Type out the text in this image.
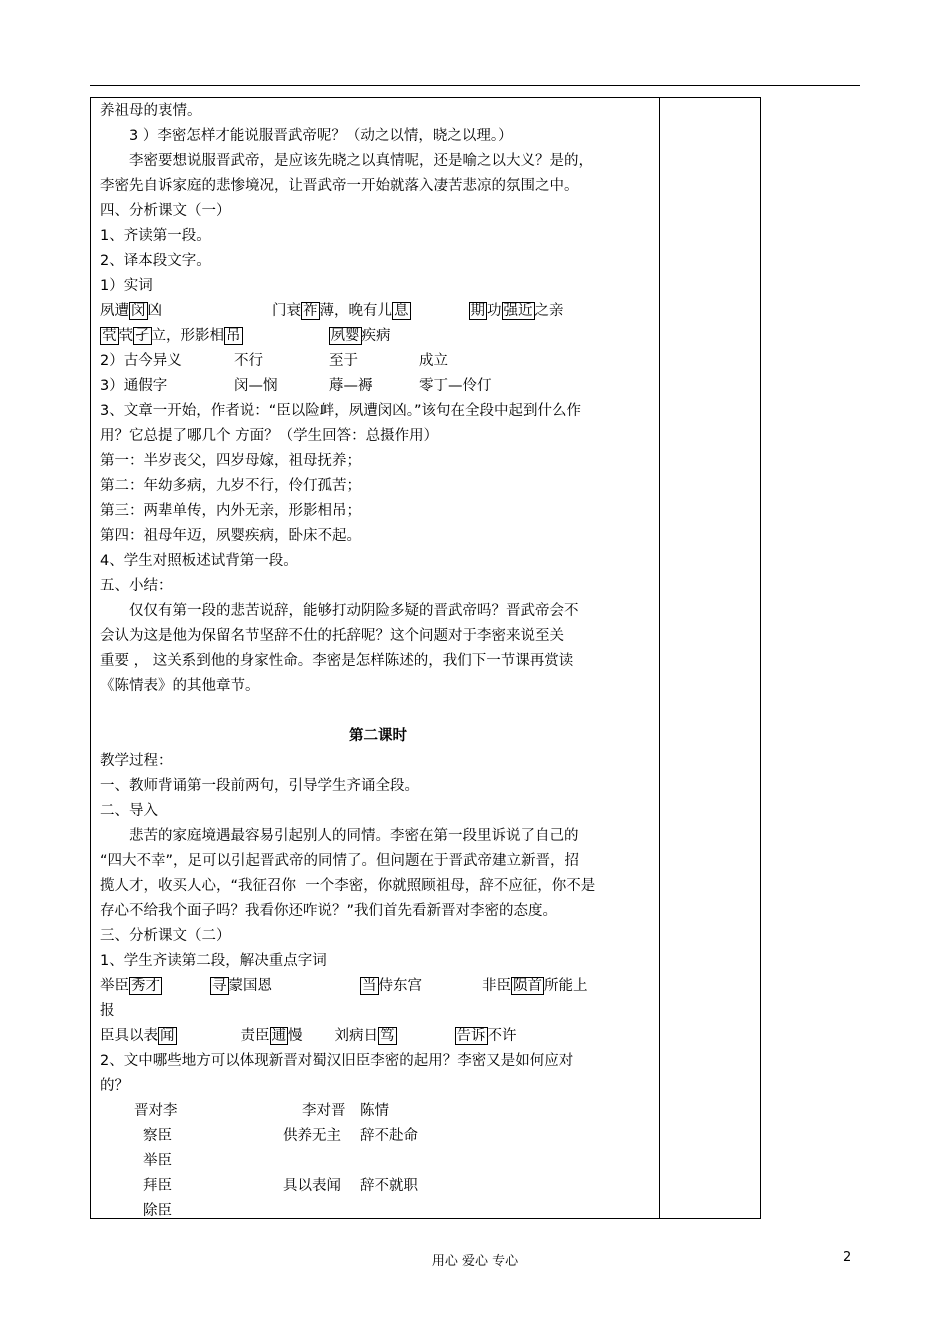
养祖母的衷情。
3 ）李密怎样才能说服晋武帝呢？（动之以情，晓之以理。）
李密要想说服晋武帝，是应该先晓之以真情呢，还是喻之以大义？是的，
李密先自诉家庭的悲惨境况，让晋武帝一开始就落入凄苦悲凉的氛围之中。
四、分析课文（一）
1、齐读第一段。
2、译本段文字。
1）实词
夙遭 闵 凶	门衰 祚 薄，晚有儿 息	期 功 强近 之亲
茕 茕 孑 立，形影相 吊	夙婴 疾病
2）古今异义	不行	至于	成立
3）通假字	闵—悯	蓐—褥	零丁—伶仃
3、文章一开始，作者说：“臣以险衅，夙遭闵凶。”该句在全段中起到什么作
用？它总提了哪几个 方面？（学生回答：总摄作用）
第一：半岁丧父，四岁母嫁，祖母抚养；
第二：年幼多病，九岁不行，伶仃孤苦；
第三：两辈单传，内外无亲，形影相吊；
第四：祖母年迈，夙婴疾病，卧床不起。
4、学生对照板述试背第一段。
五、小结：
仅仅有第一段的悲苦说辞，能够打动阴险多疑的晋武帝吗？晋武帝会不
会认为这是他为保留名节坚辞不仕的托辞呢？这个问题对于李密来说至关
重要 ， 这关系到他的身家性命。李密是怎样陈述的，我们下一节课再赏读
《陈情表》的其他章节。
第二课时
教学过程：
一、教师背诵第一段前两句，引导学生齐诵全段。
二、导入
悲苦的家庭境遇最容易引起别人的同情。李密在第一段里诉说了自己的
“四大不幸”，足可以引起晋武帝的同情了。但问题在于晋武帝建立新晋，招
揽人才，收买人心，“我征召你  一个李密，你就照顾祖母，辞不应征，你不是
存心不给我个面子吗？我看你还咋说？”我们首先看新晋对李密的态度。
三、分析课文（二）
1、学生齐读第二段，解决重点字词
举臣 秀才	寻 蒙国恩	当 侍东宫	非臣 陨首 所能上
报
臣具以表 闻	责臣 逋 慢 刘病日 笃	告诉 不许
2、文中哪些地方可以体现新晋对蜀汉旧臣李密的起用？李密又是如何应对
的？
晋对李	李对晋 陈情
察臣	供养无主 辞不赴命
举臣
拜臣	具以表闻 辞不就职
除臣
用心 爱心 专心	2
